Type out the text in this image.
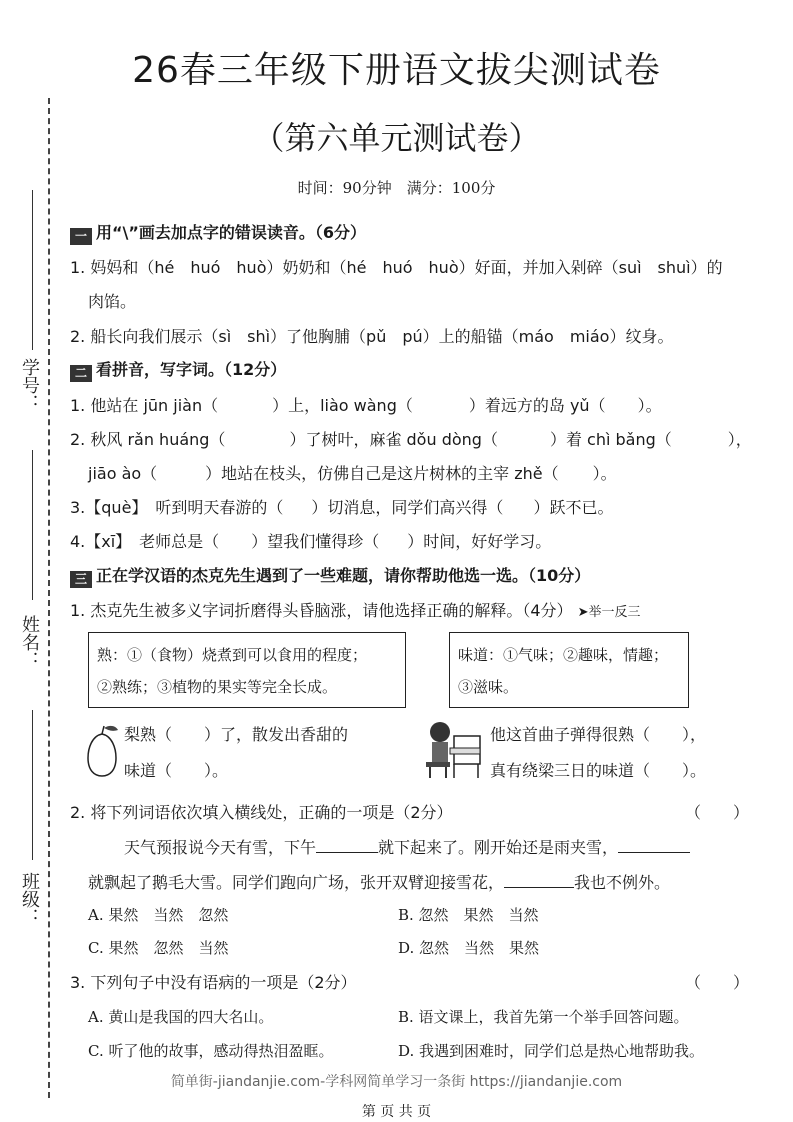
学号：
姓名：
班级：
26春三年级下册语文拔尖测试卷
（第六单元测试卷）
时间：90分钟　满分：100分
一 用“\”画去加点字的错误读音。（6分）
1. 妈妈和（hé　huó　huò）奶奶和（hé　huó　huò）好面，并加入剁碎（suì　shuì）的
肉馅。
2. 船长向我们展示（sì　shì）了他胸脯（pǔ　pú）上的船锚（máo　miáo）纹身。
二 看拼音，写字词。（12分）
1. 他站在 jūn jiàn（	）上，liào wàng（	）着远方的岛 yǔ（ ）。
2. 秋风 rǎn huáng（	）了树叶，麻雀 dǒu dòng（	）着 chì bǎng（	），
jiāo ào（	）地站在枝头，仿佛自己是这片树林的主宰 zhě（ ）。
3.【què】　听到明天春游的（ ）切消息，同学们高兴得（ ）跃不已。
4.【xī】　老师总是（ ）望我们懂得珍（ ）时间，好好学习。
三 正在学汉语的杰克先生遇到了一些难题，请你帮助他选一选。（10分）
1. 杰克先生被多义字词折磨得头昏脑涨，请他选择正确的解释。（4分） ➤举一反三
熟：①（食物）烧煮到可以食用的程度；
②熟练；③植物的果实等完全长成。
味道：①气味；②趣味，情趣；
③滋味。
梨熟（　　）了，散发出香甜的
味道（　　）。
他这首曲子弹得很熟（　　），
真有绕梁三日的味道（　　）。
2. 将下列词语依次填入横线处，正确的一项是（2分）	（　　）
天气预报说今天有雪，下午	就下起来了。刚开始还是雨夹雪，
就飘起了鹅毛大雪。同学们跑向广场，张开双臂迎接雪花，	我也不例外。
A. 果然　当然　忽然	B. 忽然　果然　当然
C. 果然　忽然　当然	D. 忽然　当然　果然
3. 下列句子中没有语病的一项是（2分）	（　　）
A. 黄山是我国的四大名山。	B. 语文课上，我首先第一个举手回答问题。
C. 听了他的故事，感动得热泪盈眶。	D. 我遇到困难时，同学们总是热心地帮助我。
简单街-jiandanjie.com-学科网简单学习一条街 https://jiandanjie.com
第 页 共 页
